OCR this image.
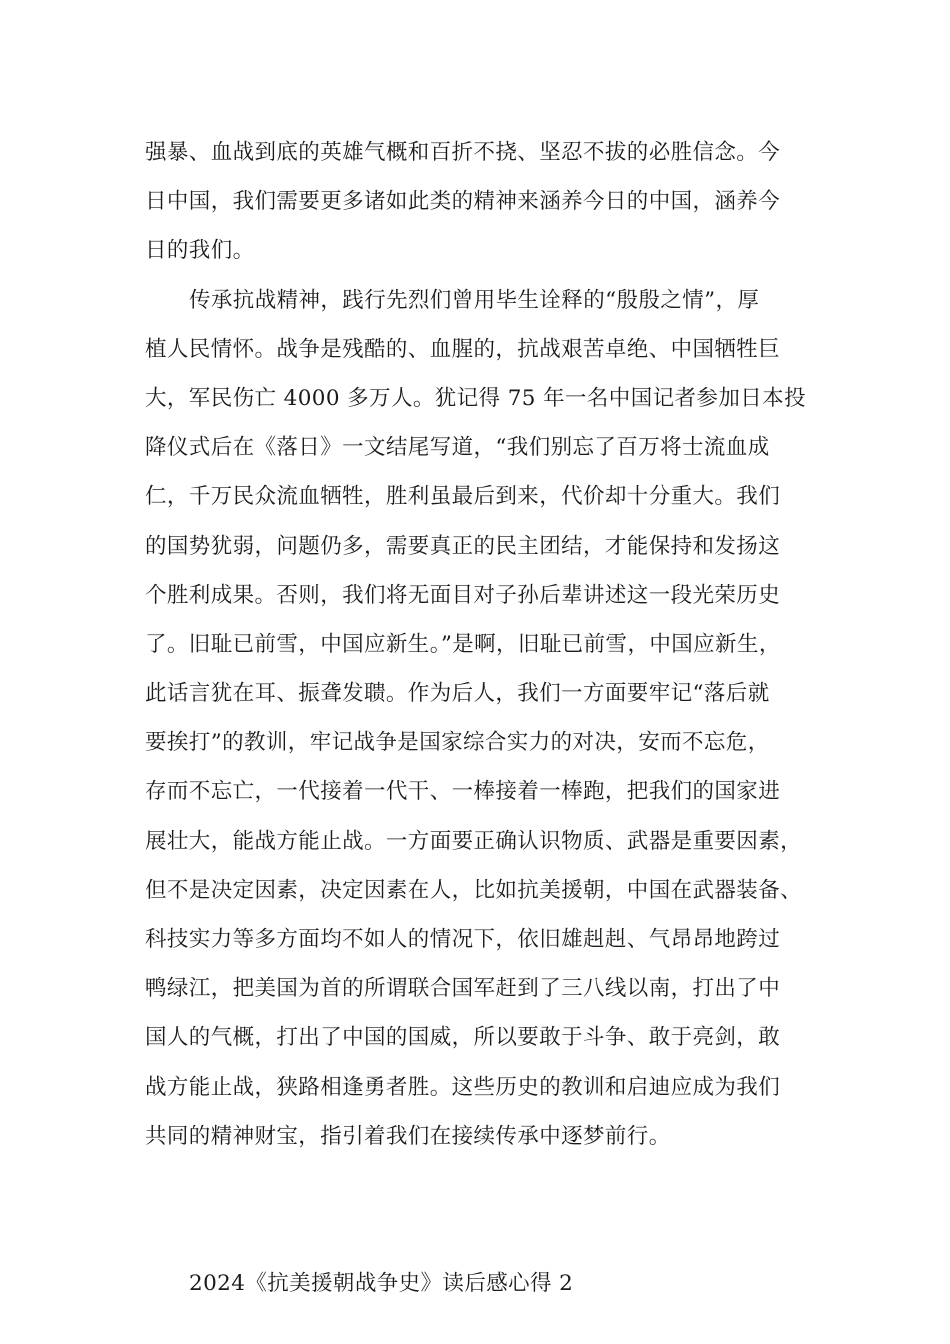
强暴、血战到底的英雄气概和百折不挠、坚忍不拔的必胜信念。今
日中国，我们需要更多诸如此类的精神来涵养今日的中国，涵养今
日的我们。
传承抗战精神，践行先烈们曾用毕生诠释的“殷殷之情”，厚
植人民情怀。战争是残酷的、血腥的，抗战艰苦卓绝、中国牺牲巨
大，军民伤亡 4000 多万人。犹记得 75 年一名中国记者参加日本投
降仪式后在《落日》一文结尾写道，“我们别忘了百万将士流血成
仁，千万民众流血牺牲，胜利虽最后到来，代价却十分重大。我们
的国势犹弱，问题仍多，需要真正的民主团结，才能保持和发扬这
个胜利成果。否则，我们将无面目对子孙后辈讲述这一段光荣历史
了。旧耻已前雪，中国应新生。”是啊，旧耻已前雪，中国应新生，
此话言犹在耳、振聋发聩。作为后人，我们一方面要牢记“落后就
要挨打”的教训，牢记战争是国家综合实力的对决，安而不忘危，
存而不忘亡，一代接着一代干、一棒接着一棒跑，把我们的国家进
展壮大，能战方能止战。一方面要正确认识物质、武器是重要因素，
但不是决定因素，决定因素在人，比如抗美援朝，中国在武器装备、
科技实力等多方面均不如人的情况下，依旧雄赳赳、气昂昂地跨过
鸭绿江，把美国为首的所谓联合国军赶到了三八线以南，打出了中
国人的气概，打出了中国的国威，所以要敢于斗争、敢于亮剑，敢
战方能止战，狭路相逢勇者胜。这些历史的教训和启迪应成为我们
共同的精神财宝，指引着我们在接续传承中逐梦前行。
2024《抗美援朝战争史》读后感心得 2
